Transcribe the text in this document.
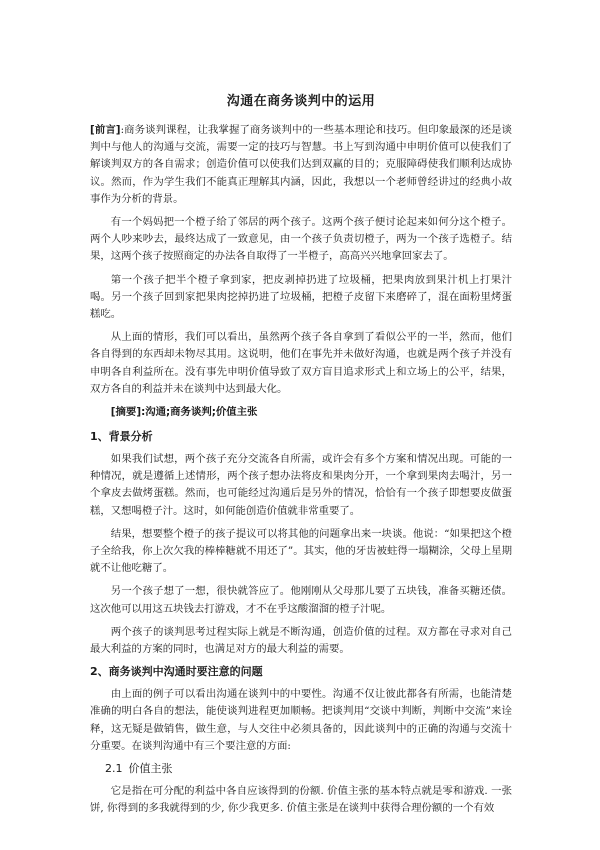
沟通在商务谈判中的运用

[前言]:商务谈判课程，让我掌握了商务谈判中的一些基本理论和技巧。但印象最深的还是谈判中与他人的沟通与交流，需要一定的技巧与智慧。书上写到沟通中申明价值可以使我们了解谈判双方的各自需求；创造价值可以使我们达到双赢的目的；克服障碍使我们顺利达成协议。然而，作为学生我们不能真正理解其内涵，因此，我想以一个老师曾经讲过的经典小故事作为分析的背景。

有一个妈妈把一个橙子给了邻居的两个孩子。这两个孩子便讨论起来如何分这个橙子。两个人吵来吵去，最终达成了一致意见，由一个孩子负责切橙子，两为一个孩子选橙子。结果，这两个孩子按照商定的办法各自取得了一半橙子，高高兴兴地拿回家去了。

第一个孩子把半个橙子拿到家，把皮剥掉扔进了垃圾桶，把果肉放到果汁机上打果汁喝。另一个孩子回到家把果肉挖掉扔进了垃圾桶，把橙子皮留下来磨碎了，混在面粉里烤蛋糕吃。

从上面的情形，我们可以看出，虽然两个孩子各自拿到了看似公平的一半，然而，他们各自得到的东西却未物尽其用。这说明，他们在事先并未做好沟通，也就是两个孩子并没有申明各自利益所在。没有事先申明价值导致了双方盲目追求形式上和立场上的公平，结果，双方各自的利益并未在谈判中达到最大化。

[摘要]:沟通;商务谈判;价值主张
1、背景分析

如果我们试想，两个孩子充分交流各自所需，或许会有多个方案和情况出现。可能的一种情况，就是遵循上述情形，两个孩子想办法将皮和果肉分开，一个拿到果肉去喝汁，另一个拿皮去做烤蛋糕。然而，也可能经过沟通后是另外的情况，恰恰有一个孩子即想要皮做蛋糕，又想喝橙子汁。这时，如何能创造价值就非常重要了。

结果，想要整个橙子的孩子提议可以将其他的问题拿出来一块谈。他说：“如果把这个橙子全给我，你上次欠我的棒棒糖就不用还了”。其实，他的牙齿被蛀得一塌糊涂，父母上星期就不让他吃糖了。

另一个孩子想了一想，很快就答应了。他刚刚从父母那儿要了五块钱，准备买糖还债。这次他可以用这五块钱去打游戏，才不在乎这酸溜溜的橙子汁呢。

两个孩子的谈判思考过程实际上就是不断沟通，创造价值的过程。双方都在寻求对自己最大利益的方案的同时，也满足对方的最大利益的需要。

2、商务谈判中沟通时要注意的问题

由上面的例子可以看出沟通在谈判中的中要性。沟通不仅让彼此都各有所需，也能清楚准确的明白各自的想法，能使谈判进程更加顺畅。把谈判用“交谈中判断，判断中交流”来诠释，这无疑是做销售，做生意，与人交往中必须具备的，因此谈判中的正确的沟通与交流十分重要。在谈判沟通中有三个要注意的方面:

2.1 价值主张

它是指在可分配的利益中各自应该得到的份额. 价值主张的基本特点就是零和游戏. 一张饼, 你得到的多我就得到的少, 你少我更多. 价值主张是在谈判中获得合理份额的一个有效
